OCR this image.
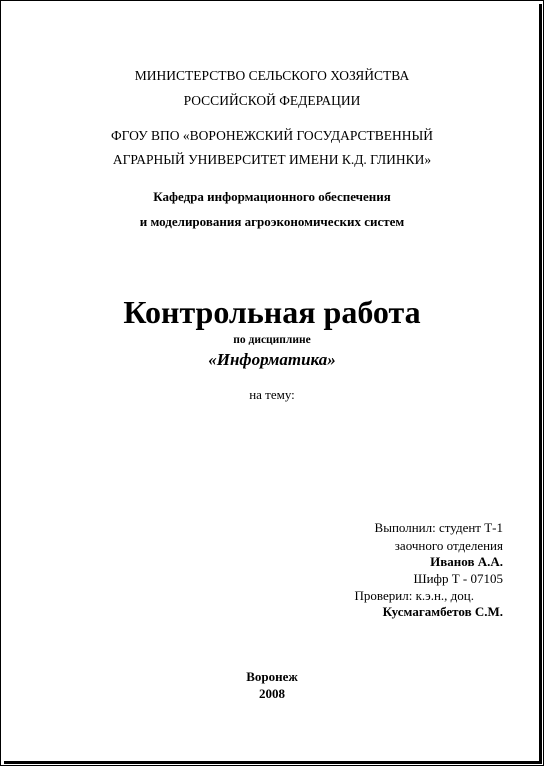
МИНИСТЕРСТВО СЕЛЬСКОГО ХОЗЯЙСТВА
РОССИЙСКОЙ ФЕДЕРАЦИИ
ФГОУ ВПО «ВОРОНЕЖСКИЙ ГОСУДАРСТВЕННЫЙ
АГРАРНЫЙ УНИВЕРСИТЕТ ИМЕНИ К.Д. ГЛИНКИ»
Кафедра информационного обеспечения
и моделирования агроэкономических систем
Контрольная работа
по дисциплине
«Информатика»
на тему:
Выполнил: студент Т-1
заочного отделения
Иванов А.А.
Шифр Т - 07105
Проверил: к.э.н., доц.
Кусмагамбетов С.М.
Воронеж
2008
